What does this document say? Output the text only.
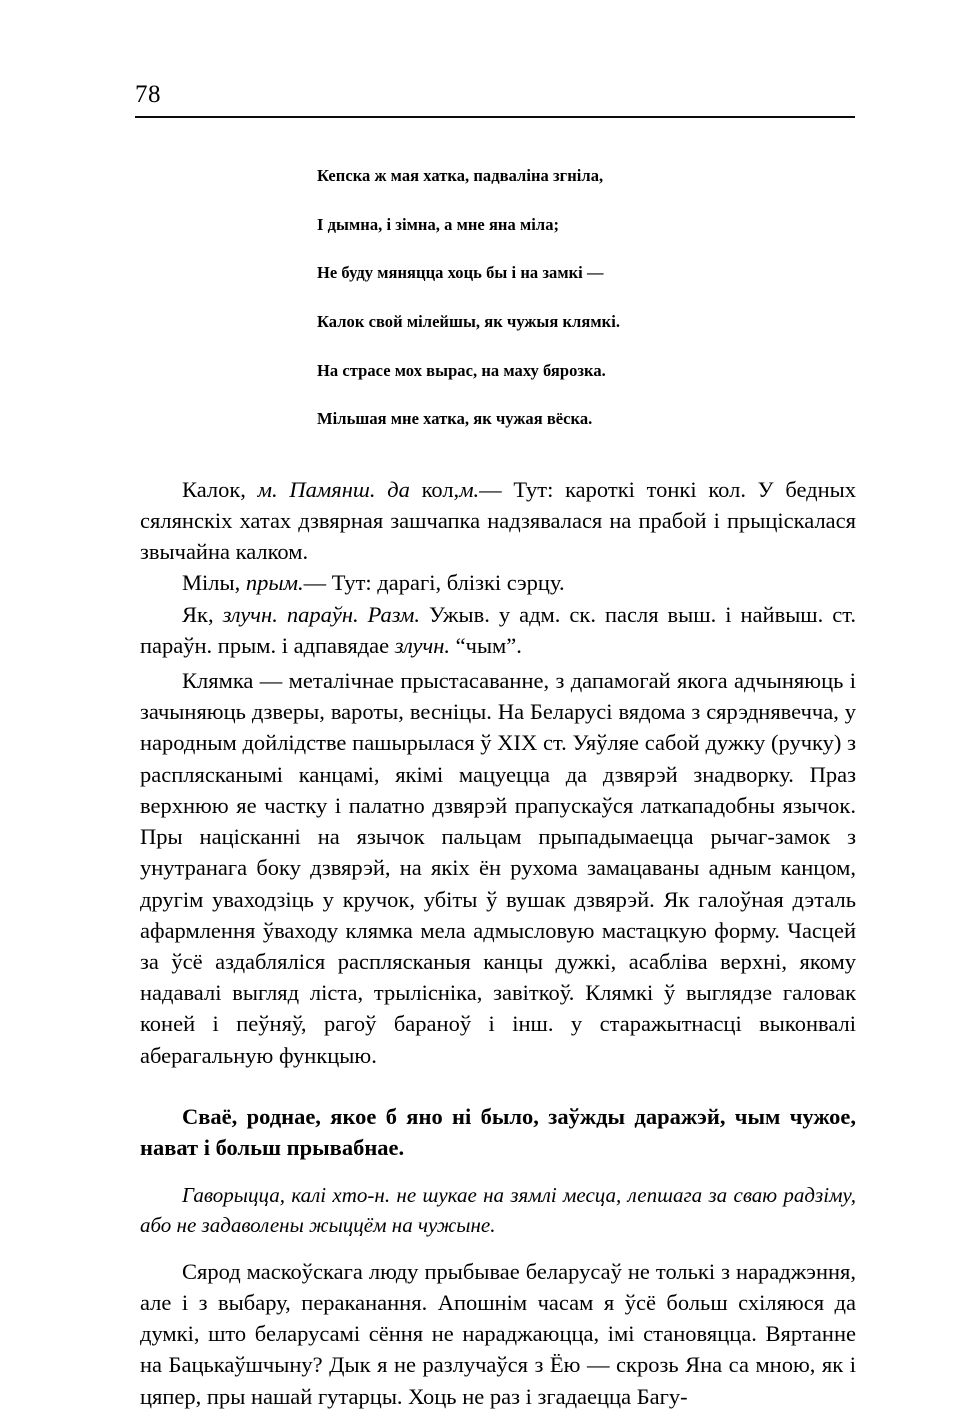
78

Кепска ж мая хатка, падваліна згніла,

І дымна, і зімна, а мне яна міла;

Не буду мяняцца хоць бы і на замкі —

Калок свой мілейшы, як чужыя клямкі.

На страсе мох вырас, на маху бярозка.

Мільшая мне хатка, як чужая вёска.

Калок, м. Памянш. да кол,м.— Тут: кароткі тонкі кол. У бедных сялянскіх хатах дзвярная зашчапка надзявалася на прабой і прыціскалася звычайна калком.

Мілы, прым.— Тут: дарагі, блізкі сэрцу.

Як, злучн. параўн. Разм. Ужыв. у адм. ск. пасля выш. і найвыш. ст. параўн. прым. і адпавядае злучн. “чым”.

Клямка — металічнае прыстасаванне, з дапамогай якога адчыняюць і зачыняюць дзверы, вароты, весніцы. На Беларусі вядома з сярэднявечча, у народным дойлідстве пашырылася ў XIX ст. Уяўляе сабой дужку (ручку) з расплясканымі канцамі, якімі мацуецца да дзвярэй знадворку. Праз верхнюю яе частку і палатно дзвярэй прапускаўся латкападобны язычок. Пры націсканні на язычок пальцам прыпадымаецца рычаг-замок з унутранага боку дзвярэй, на якіх ён рухома замацаваны адным канцом, другім уваходзіць у кручок, убіты ў вушак дзвярэй. Як галоўная дэталь афармлення ўваходу клямка мела адмысловую мастацкую форму. Часцей за ўсё аздабляліся расплясканыя канцы дужкі, асабліва верхні, якому надавалі выгляд ліста, трылісніка, завіткоў. Клямкі ў выглядзе галовак коней і пеўняў, рагоў бараноў і інш. у старажытнасці выконвалі аберагальную функцыю.

Сваё, роднае, якое б яно ні было, заўжды даражэй, чым чужое, нават і больш прывабнае.

Гаворыцца, калі хто-н. не шукае на зямлі месца, лепшага за сваю радзіму, або не задаволены жыццём на чужыне.

Сярод маскоўскага люду прыбывае беларусаў не толькі з нараджэння, але і з выбару, пераканання. Апошнім часам я ўсё больш схіляюся да думкі, што беларусамі сёння не нараджаюцца, імі становяцца. Вяртанне на Бацькаўшчыну? Дык я не разлучаўся з Ёю — скрозь Яна са мною, як і цяпер, пры нашай гутарцы. Хоць не раз і згадаецца Багу-
